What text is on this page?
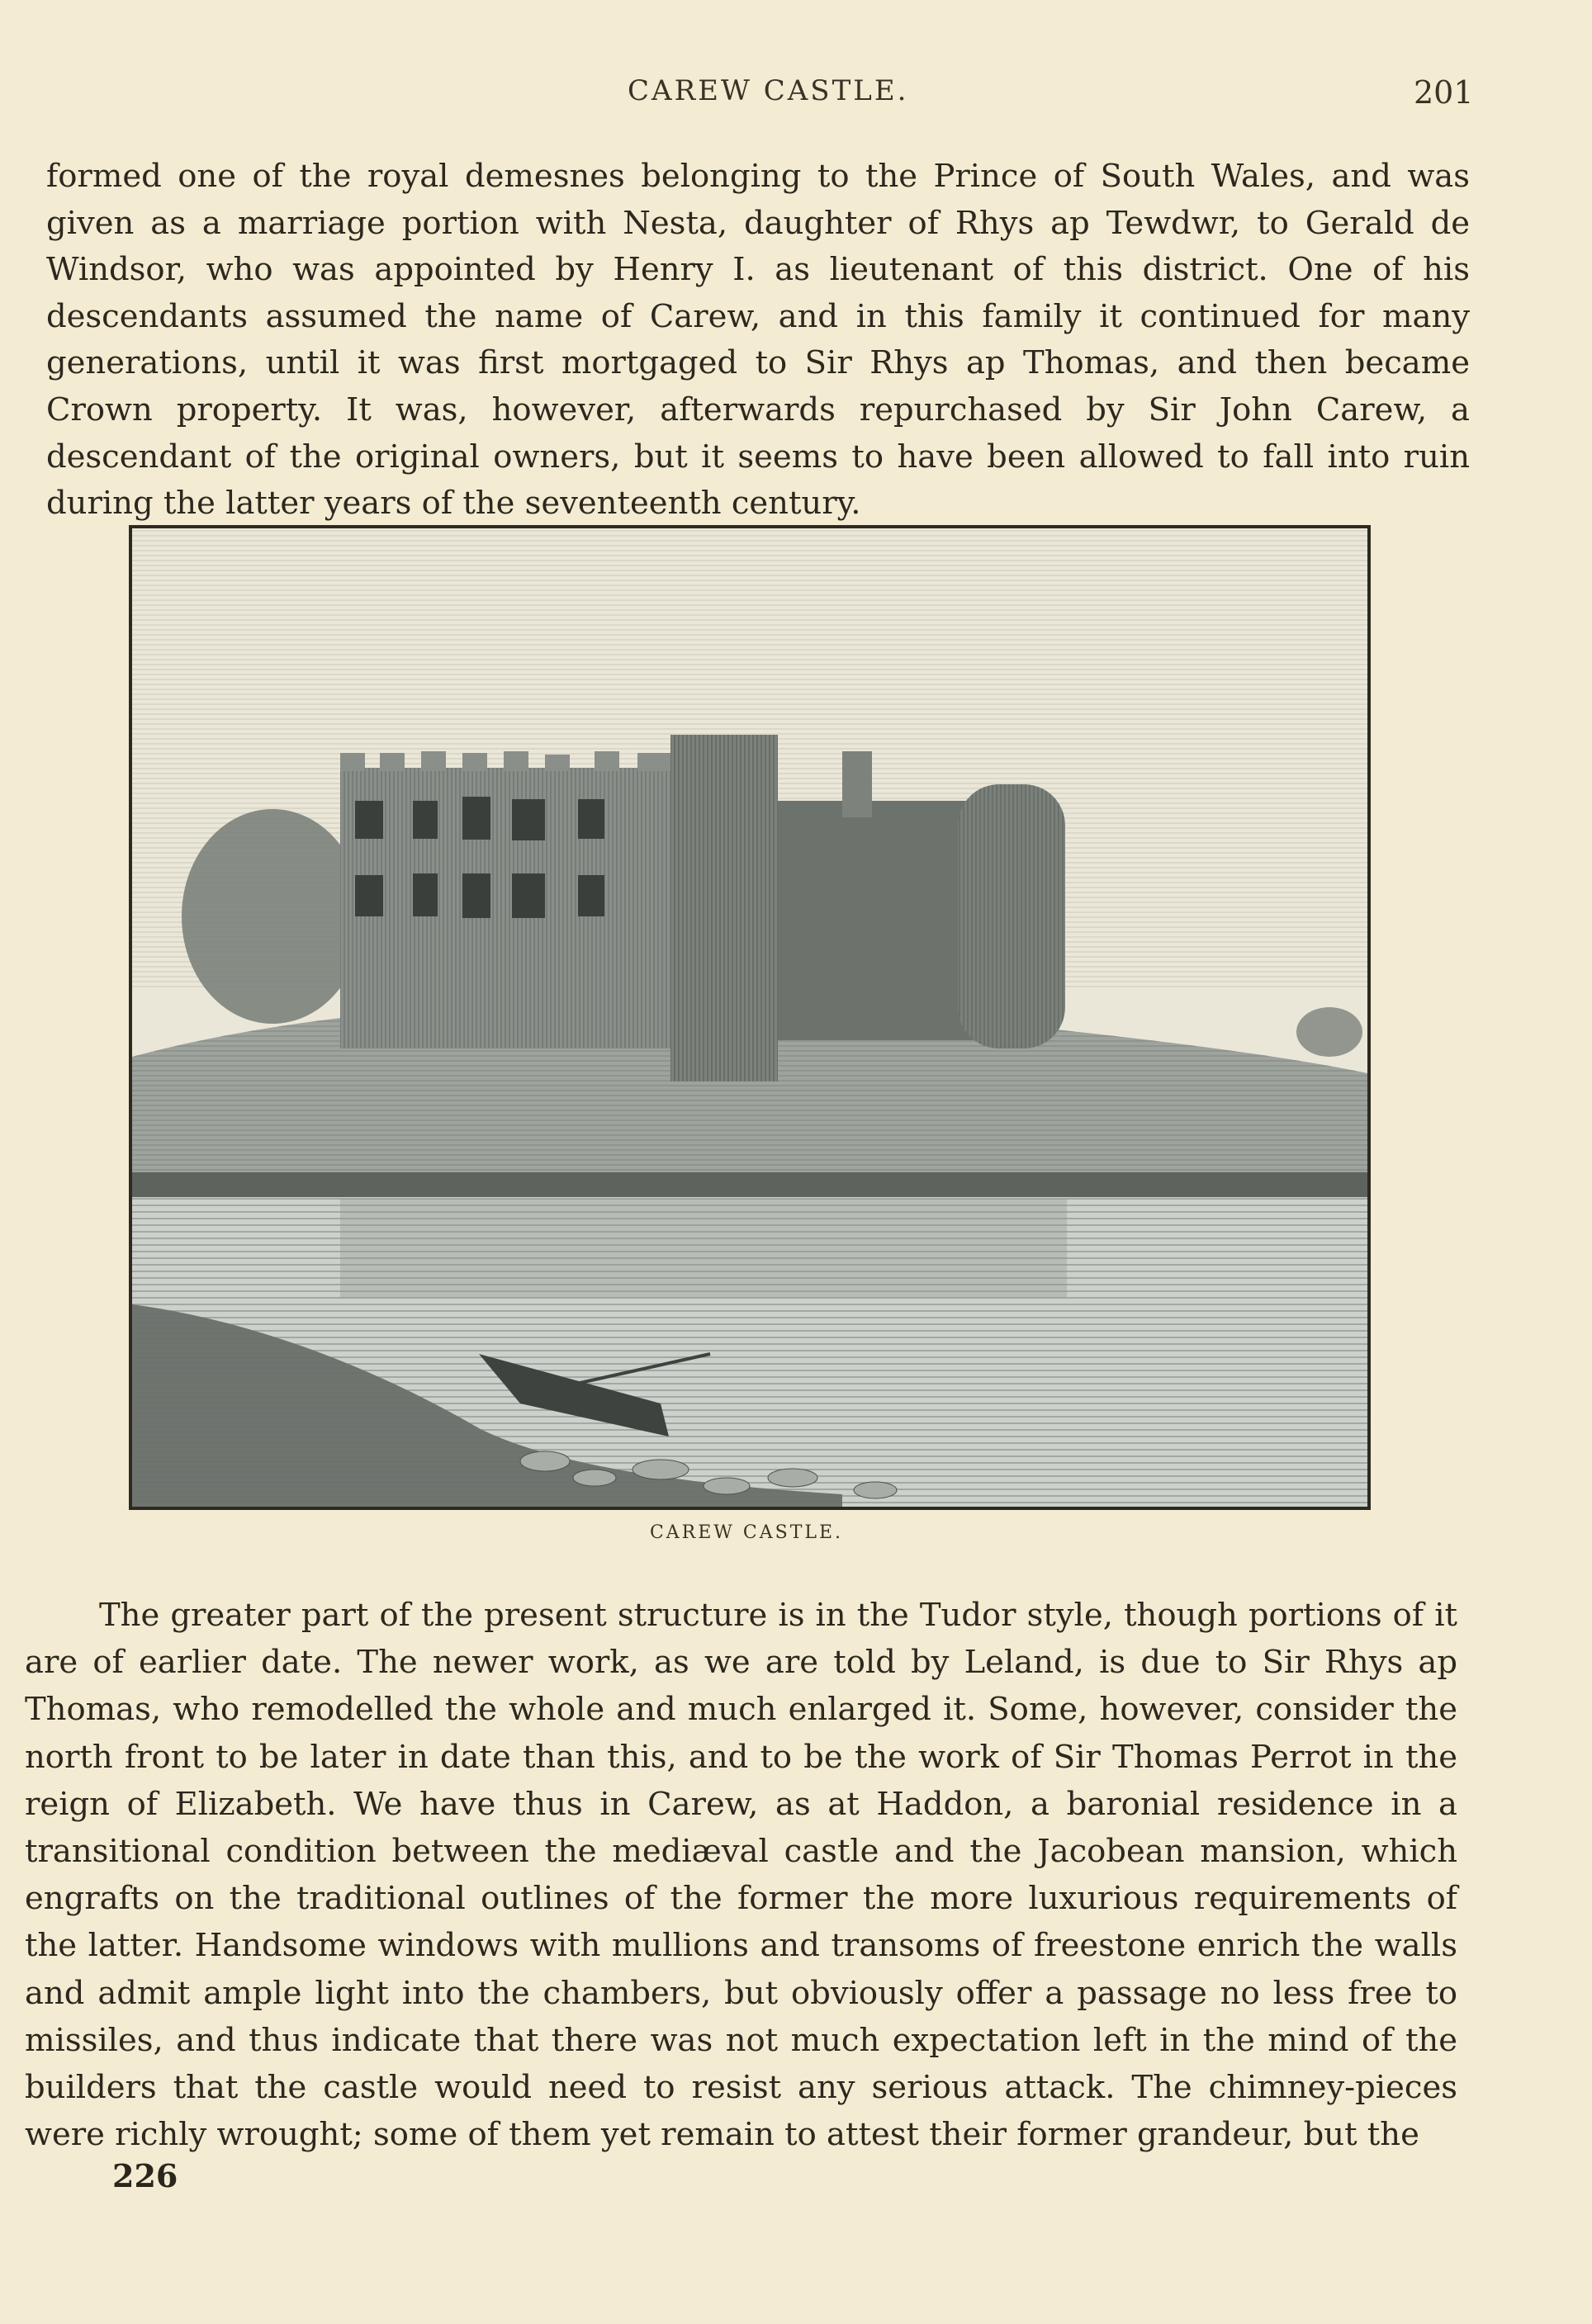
CAREW CASTLE.	201

formed one of the royal demesnes belonging to the Prince of South Wales, and was given as a marriage portion with Nesta, daughter of Rhys ap Tewdwr, to Gerald de Windsor, who was appointed by Henry I. as lieutenant of this district. One of his descendants assumed the name of Carew, and in this family it continued for many generations, until it was first mortgaged to Sir Rhys ap Thomas, and then became Crown property. It was, however, afterwards repurchased by Sir John Carew, a descendant of the original owners, but it seems to have been allowed to fall into ruin during the latter years of the seventeenth century.

CAREW CASTLE.

The greater part of the present structure is in the Tudor style, though portions of it are of earlier date. The newer work, as we are told by Leland, is due to Sir Rhys ap Thomas, who remodelled the whole and much enlarged it. Some, however, consider the north front to be later in date than this, and to be the work of Sir Thomas Perrot in the reign of Elizabeth. We have thus in Carew, as at Haddon, a baronial residence in a transitional condition between the mediæval castle and the Jacobean mansion, which engrafts on the traditional outlines of the former the more luxurious requirements of the latter. Handsome windows with mullions and transoms of freestone enrich the walls and admit ample light into the chambers, but obviously offer a passage no less free to missiles, and thus indicate that there was not much expectation left in the mind of the builders that the castle would need to resist any serious attack. The chimney-pieces were richly wrought; some of them yet remain to attest their former grandeur, but the

226
